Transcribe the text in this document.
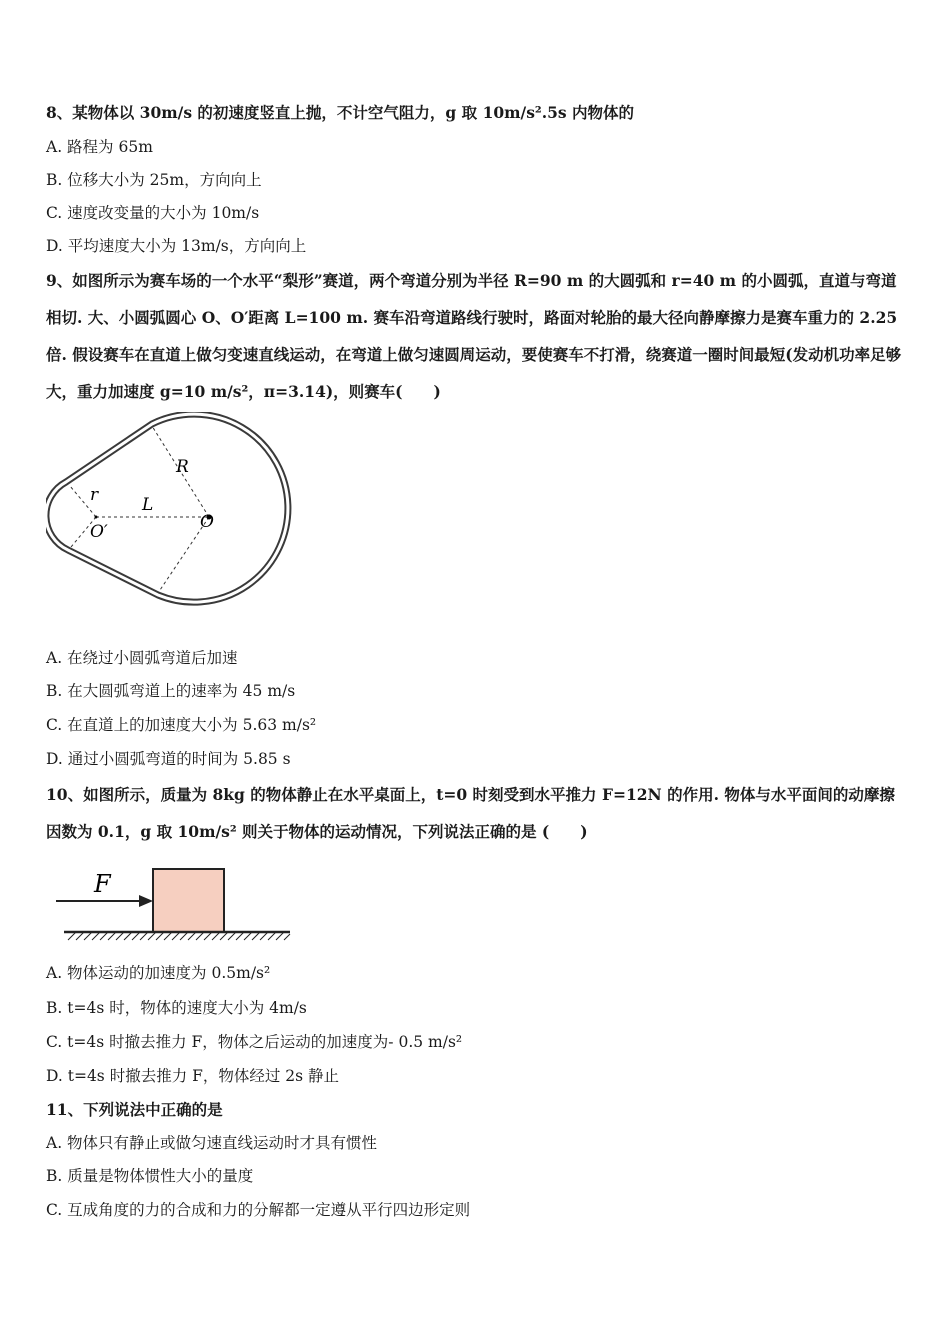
8、某物体以 30m/s 的初速度竖直上抛，不计空气阻力，g 取 10m/s².5s 内物体的
A. 路程为 65m
B. 位移大小为 25m，方向向上
C. 速度改变量的大小为 10m/s
D. 平均速度大小为 13m/s，方向向上
9、如图所示为赛车场的一个水平“梨形”赛道，两个弯道分别为半径 R=90 m 的大圆弧和 r=40 m 的小圆弧，直道与弯道相切. 大、小圆弧圆心 O、O′距离 L=100 m. 赛车沿弯道路线行驶时，路面对轮胎的最大径向静摩擦力是赛车重力的 2.25 倍. 假设赛车在直道上做匀变速直线运动，在弯道上做匀速圆周运动，要使赛车不打滑，绕赛道一圈时间最短(发动机功率足够大，重力加速度 g=10 m/s²，π=3.14)，则赛车(　　)
R
r	L
O
O′
A. 在绕过小圆弧弯道后加速
B. 在大圆弧弯道上的速率为 45 m/s
C. 在直道上的加速度大小为 5.63 m/s²
D. 通过小圆弧弯道的时间为 5.85 s
10、如图所示，质量为 8kg 的物体静止在水平桌面上，t=0 时刻受到水平推力 F=12N 的作用. 物体与水平面间的动摩擦因数为 0.1，g 取 10m/s² 则关于物体的运动情况，下列说法正确的是 (　　)
F
A. 物体运动的加速度为 0.5m/s²
B. t=4s 时，物体的速度大小为 4m/s
C. t=4s 时撤去推力 F，物体之后运动的加速度为- 0.5 m/s²
D. t=4s 时撤去推力 F，物体经过 2s 静止
11、下列说法中正确的是
A. 物体只有静止或做匀速直线运动时才具有惯性
B. 质量是物体惯性大小的量度
C. 互成角度的力的合成和力的分解都一定遵从平行四边形定则
